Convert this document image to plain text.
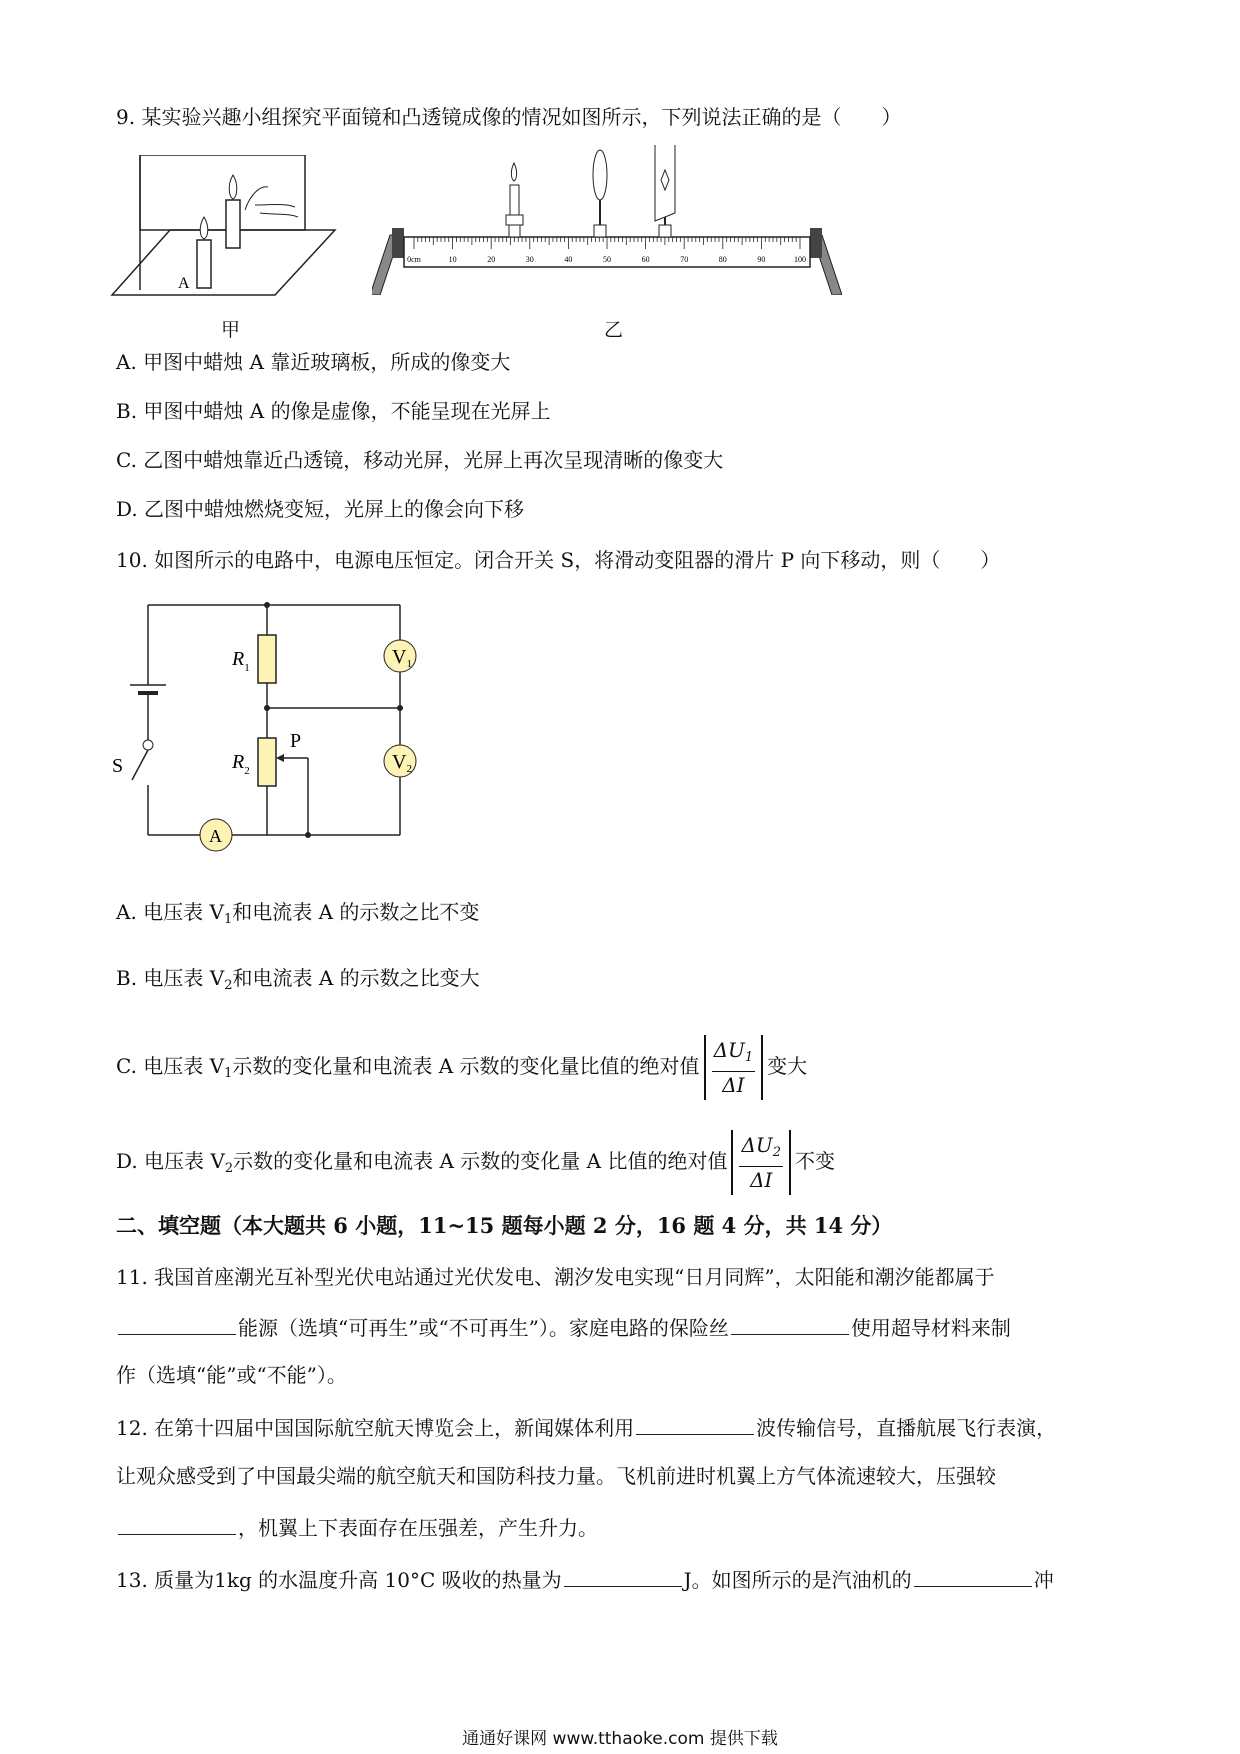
9. 某实验兴趣小组探究平面镜和凸透镜成像的情况如图所示，下列说法正确的是（　　）
A
甲
0cm	10	20	30	40	50	60	70	80	90	100
乙
A. 甲图中蜡烛 A 靠近玻璃板，所成的像变大
B. 甲图中蜡烛 A 的像是虚像，不能呈现在光屏上
C. 乙图中蜡烛靠近凸透镜，移动光屏，光屏上再次呈现清晰的像变大
D. 乙图中蜡烛燃烧变短，光屏上的像会向下移
10. 如图所示的电路中，电源电压恒定。闭合开关 S，将滑动变阻器的滑片 P 向下移动，则（　　）
A
$V_1$
$V_2$
$R_1$
$R_2$
P
S
A. 电压表 $V_1$和电流表 A 的示数之比不变
B. 电压表 $V_2$和电流表 A 的示数之比变大
C. 电压表 $V_1$示数的变化量和电流表 A 示数的变化量比值的绝对值 $\frac{\Delta U_1}{\Delta I}$ 变大
D. 电压表 $V_2$示数的变化量和电流表 A 示数的变化量 A 比值的绝对值 $\frac{\Delta U_2}{\Delta I}$ 不变
二、填空题（本大题共 6 小题，11~15 题每小题 2 分，16 题 4 分，共 14 分）
11. 我国首座潮光互补型光伏电站通过光伏发电、潮汐发电实现“日月同辉”，太阳能和潮汐能都属于
能源（选填“可再生”或“不可再生”）。家庭电路的保险丝	使用超导材料来制
作（选填“能”或“不能”）。
12. 在第十四届中国国际航空航天博览会上，新闻媒体利用	波传输信号，直播航展飞行表演，
让观众感受到了中国最尖端的航空航天和国防科技力量。飞机前进时机翼上方气体流速较大，压强较
，机翼上下表面存在压强差，产生升力。
13. 质量为1kg 的水温度升高 10°C 吸收的热量为	J。如图所示的是汽油机的	冲
通通好课网 www.tthaoke.com 提供下载
